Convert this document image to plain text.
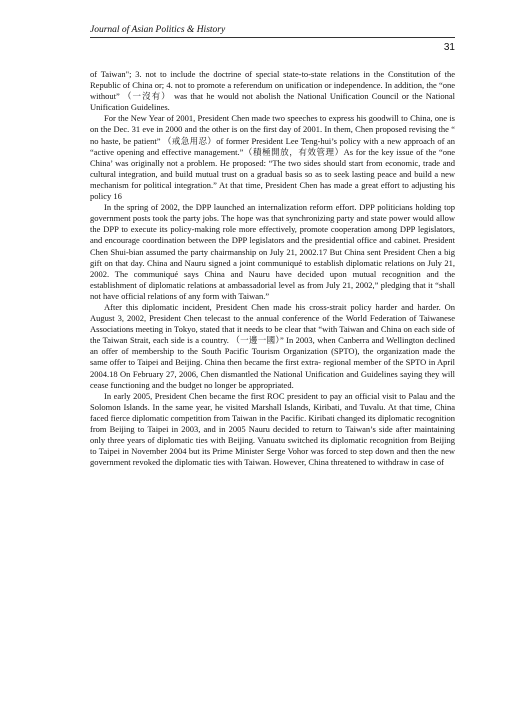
Journal of Asian Politics & History
31

of Taiwan"; 3. not to include the doctrine of special state-to-state relations in the Constitution of the Republic of China or; 4. not to promote a referendum on unification or independence. In addition, the “one without” （一沒有） was that he would not abolish the National Unification Council or the National Unification Guidelines.

For the New Year of 2001, President Chen made two speeches to express his goodwill to China, one is on the Dec. 31 eve in 2000 and the other is on the first day of 2001. In them, Chen proposed revising the “ no haste, be patient” （戒急用忍）of former President Lee Teng-hui’s policy with a new approach of an “active opening and effective management.”（積極開放，有效管理）As for the key issue of the “one China’ was originally not a problem. He proposed: “The two sides should start from economic, trade and cultural integration, and build mutual trust on a gradual basis so as to seek lasting peace and build a new mechanism for political integration.” At that time, President Chen has made a great effort to adjusting his policy 16

In the spring of 2002, the DPP launched an internalization reform effort. DPP politicians holding top government posts took the party jobs. The hope was that synchronizing party and state power would allow the DPP to execute its policy-making role more effectively, promote cooperation among DPP legislators, and encourage coordination between the DPP legislators and the presidential office and cabinet. President Chen Shui-bian assumed the party chairmanship on July 21, 2002.17 But China sent President Chen a big gift on that day. China and Nauru signed a joint communiqué to establish diplomatic relations on July 21, 2002. The communiqué says China and Nauru have decided upon mutual recognition and the establishment of diplomatic relations at ambassadorial level as from July 21, 2002,” pledging that it “shall not have official relations of any form with Taiwan.”

After this diplomatic incident, President Chen made his cross-strait policy harder and harder. On August 3, 2002, President Chen telecast to the annual conference of the World Federation of Taiwanese Associations meeting in Tokyo, stated that it needs to be clear that “with Taiwan and China on each side of the Taiwan Strait, each side is a country. （一邊一國）” In 2003, when Canberra and Wellington declined an offer of membership to the South Pacific Tourism Organization (SPTO), the organization made the same offer to Taipei and Beijing. China then became the first extra- regional member of the SPTO in April 2004.18 On February 27, 2006, Chen dismantled the National Unification and Guidelines saying they will cease functioning and the budget no longer be appropriated.

In early 2005, President Chen became the first ROC president to pay an official visit to Palau and the Solomon Islands. In the same year, he visited Marshall Islands, Kiribati, and Tuvalu. At that time, China faced fierce diplomatic competition from Taiwan in the Pacific. Kiribati changed its diplomatic recognition from Beijing to Taipei in 2003, and in 2005 Nauru decided to return to Taiwan’s side after maintaining only three years of diplomatic ties with Beijing. Vanuatu switched its diplomatic recognition from Beijing to Taipei in November 2004 but its Prime Minister Serge Vohor was forced to step down and then the new government revoked the diplomatic ties with Taiwan. However, China threatened to withdraw in case of
